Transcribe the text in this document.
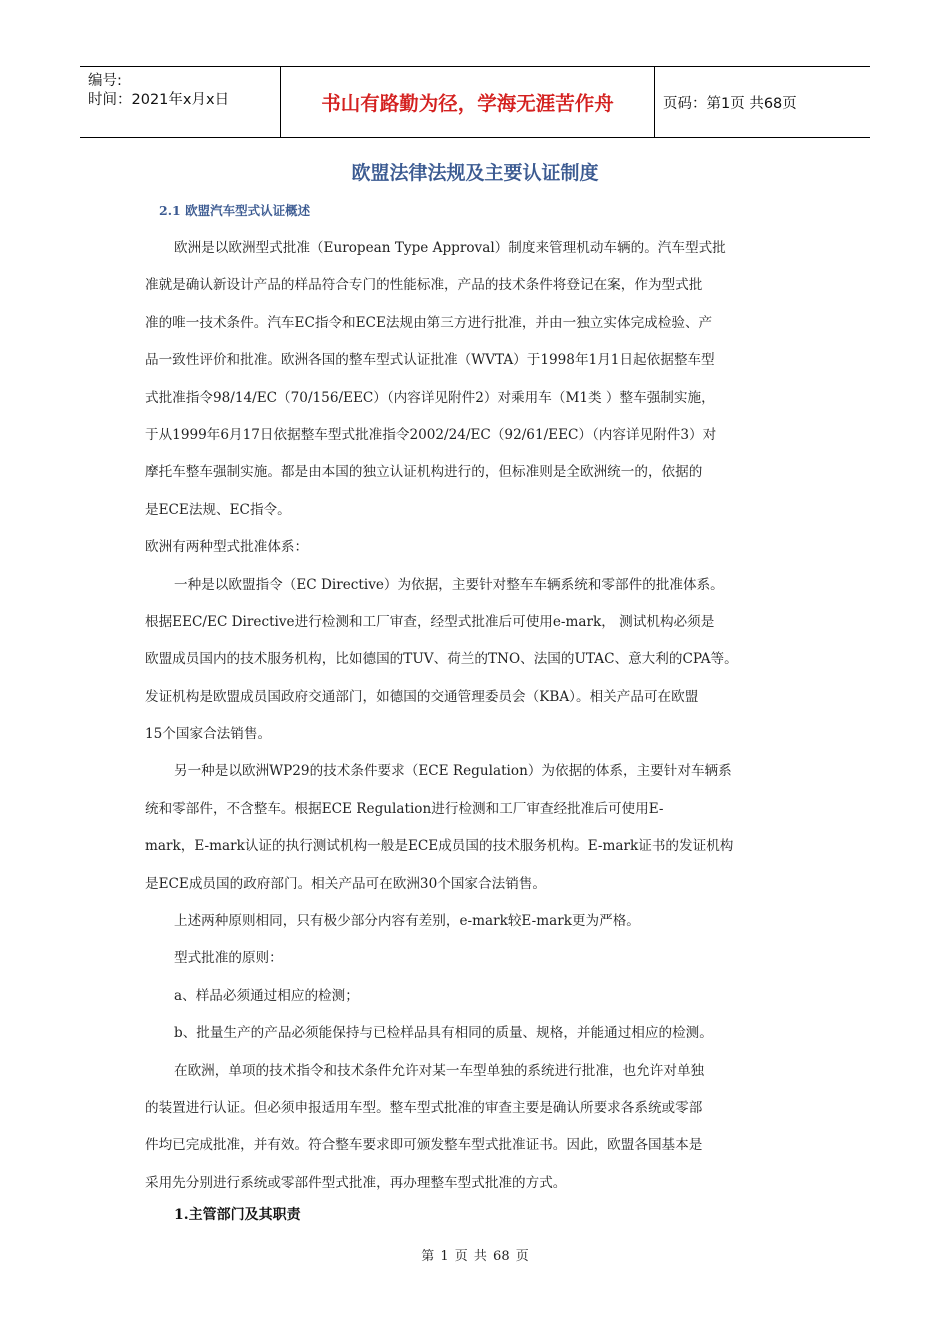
编号:
时间：2021年x月x日	书山有路勤为径，学海无涯苦作舟	页码：第1页 共68页
欧盟法律法规及主要认证制度
2.1 欧盟汽车型式认证概述
欧洲是以欧洲型式批准（European Type Approval）制度来管理机动车辆的。汽车型式批
准就是确认新设计产品的样品符合专门的性能标准，产品的技术条件将登记在案，作为型式批
准的唯一技术条件。汽车EC指令和ECE法规由第三方进行批准，并由一独立实体完成检验、产
品一致性评价和批准。欧洲各国的整车型式认证批准（WVTA）于1998年1月1日起依据整车型
式批准指令98/14/EC（70/156/EEC）（内容详见附件2）对乘用车（M1类 ）整车强制实施，
于从1999年6月17日依据整车型式批准指令2002/24/EC（92/61/EEC）（内容详见附件3）对
摩托车整车强制实施。都是由本国的独立认证机构进行的，但标准则是全欧洲统一的，依据的
是ECE法规、EC指令。
欧洲有两种型式批准体系：
一种是以欧盟指令（EC Directive）为依据，主要针对整车车辆系统和零部件的批准体系。
根据EEC/EC Directive进行检测和工厂审查，经型式批准后可使用e-mark， 测试机构必须是
欧盟成员国内的技术服务机构，比如德国的TUV、荷兰的TNO、法国的UTAC、意大利的CPA等。
发证机构是欧盟成员国政府交通部门，如德国的交通管理委员会（KBA）。相关产品可在欧盟
15个国家合法销售。
另一种是以欧洲WP29的技术条件要求（ECE Regulation）为依据的体系，主要针对车辆系
统和零部件，不含整车。根据ECE Regulation进行检测和工厂审查经批准后可使用E-
mark，E-mark认证的执行测试机构一般是ECE成员国的技术服务机构。E-mark证书的发证机构
是ECE成员国的政府部门。相关产品可在欧洲30个国家合法销售。
上述两种原则相同，只有极少部分内容有差别，e-mark较E-mark更为严格。
型式批准的原则：
a、样品必须通过相应的检测；
b、批量生产的产品必须能保持与已检样品具有相同的质量、规格，并能通过相应的检测。
在欧洲，单项的技术指令和技术条件允许对某一车型单独的系统进行批准，也允许对单独
的装置进行认证。但必须申报适用车型。整车型式批准的审查主要是确认所要求各系统或零部
件均已完成批准，并有效。符合整车要求即可颁发整车型式批准证书。因此，欧盟各国基本是
采用先分别进行系统或零部件型式批准，再办理整车型式批准的方式。
1.主管部门及其职责
第 1 页 共 68 页
